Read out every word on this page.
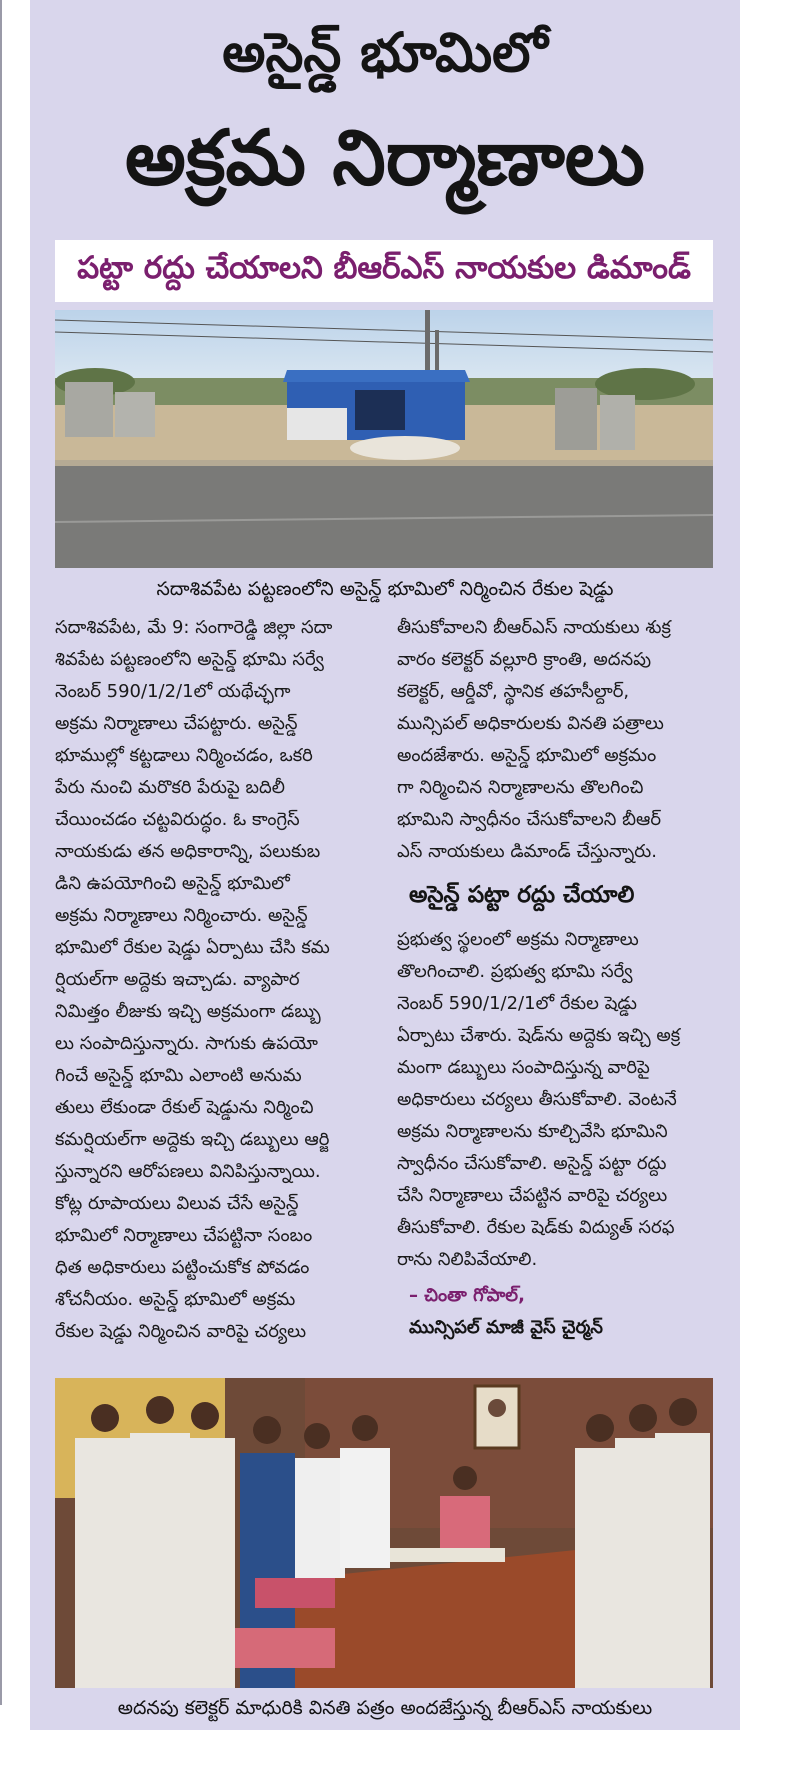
అసైన్డ్ భూమిలో
అక్రమ నిర్మాణాలు
పట్టా రద్దు చేయాలని బీఆర్ఎస్ నాయకుల డిమాండ్
సదాశివపేట పట్టణంలోని అసైన్డ్ భూమిలో నిర్మించిన రేకుల షెడ్డు

సదాశివపేట, మే 9: సంగారెడ్డి జిల్లా సదా
శివపేట పట్టణంలోని అసైన్డ్ భూమి సర్వే
నెంబర్ 590/1/2/1లో యథేచ్ఛగా
అక్రమ నిర్మాణాలు చేపట్టారు. అసైన్డ్
భూముల్లో కట్టడాలు నిర్మించడం, ఒకరి
పేరు నుంచి మరొకరి పేరుపై బదిలీ
చేయించడం చట్టవిరుద్ధం. ఓ కాంగ్రెస్
నాయకుడు తన అధికారాన్ని, పలుకుబ
డిని ఉపయోగించి అసైన్డ్ భూమిలో
అక్రమ నిర్మాణాలు నిర్మించారు. అసైన్డ్
భూమిలో రేకుల షెడ్డు ఏర్పాటు చేసి కమ
ర్షియల్‌గా అద్దెకు ఇచ్చాడు. వ్యాపార
నిమిత్తం లీజుకు ఇచ్చి అక్రమంగా డబ్బు
లు సంపాదిస్తున్నారు. సాగుకు ఉపయో
గించే అసైన్డ్ భూమి ఎలాంటి అనుమ
తులు లేకుండా రేకుల్ షెడ్డును నిర్మించి
కమర్షియల్‌గా అద్దెకు ఇచ్చి డబ్బులు ఆర్జి
స్తున్నారని ఆరోపణలు వినిపిస్తున్నాయి.
కోట్ల రూపాయలు విలువ చేసే అసైన్డ్
భూమిలో నిర్మాణాలు చేపట్టినా సంబం
ధిత అధికారులు పట్టించుకోక పోవడం
శోచనీయం. అసైన్డ్ భూమిలో అక్రమ
రేకుల షెడ్డు నిర్మించిన వారిపై చర్యలు

తీసుకోవాలని బీఆర్ఎస్ నాయకులు శుక్ర
వారం కలెక్టర్ వల్లూరి క్రాంతి, అదనపు
కలెక్టర్, ఆర్డీవో, స్థానిక తహసీల్దార్,
మున్సిపల్ అధికారులకు వినతి పత్రాలు
అందజేశారు. అసైన్డ్ భూమిలో అక్రమం
గా నిర్మించిన నిర్మాణాలను తొలగించి
భూమిని స్వాధీనం చేసుకోవాలని బీఆర్
ఎస్ నాయకులు డిమాండ్ చేస్తున్నారు.

అసైన్డ్ పట్టా రద్దు చేయాలి

ప్రభుత్వ స్థలంలో అక్రమ నిర్మాణాలు
తొలగించాలి. ప్రభుత్వ భూమి సర్వే
నెంబర్ 590/1/2/1లో రేకుల షెడ్డు
ఏర్పాటు చేశారు. షెడ్‌ను అద్దెకు ఇచ్చి అక్ర
మంగా డబ్బులు సంపాదిస్తున్న వారిపై
అధికారులు చర్యలు తీసుకోవాలి. వెంటనే
అక్రమ నిర్మాణాలను కూల్చివేసి భూమిని
స్వాధీనం చేసుకోవాలి. అసైన్డ్ పట్టా రద్దు
చేసి నిర్మాణాలు చేపట్టిన వారిపై చర్యలు
తీసుకోవాలి. రేకుల షెడ్‌కు విద్యుత్ సరఫ
రాను నిలిపివేయాలి.

– చింతా గోపాల్,
మున్సిపల్ మాజీ వైస్ చైర్మన్
అదనపు కలెక్టర్ మాధురికి వినతి పత్రం అందజేస్తున్న బీఆర్ఎస్ నాయకులు
